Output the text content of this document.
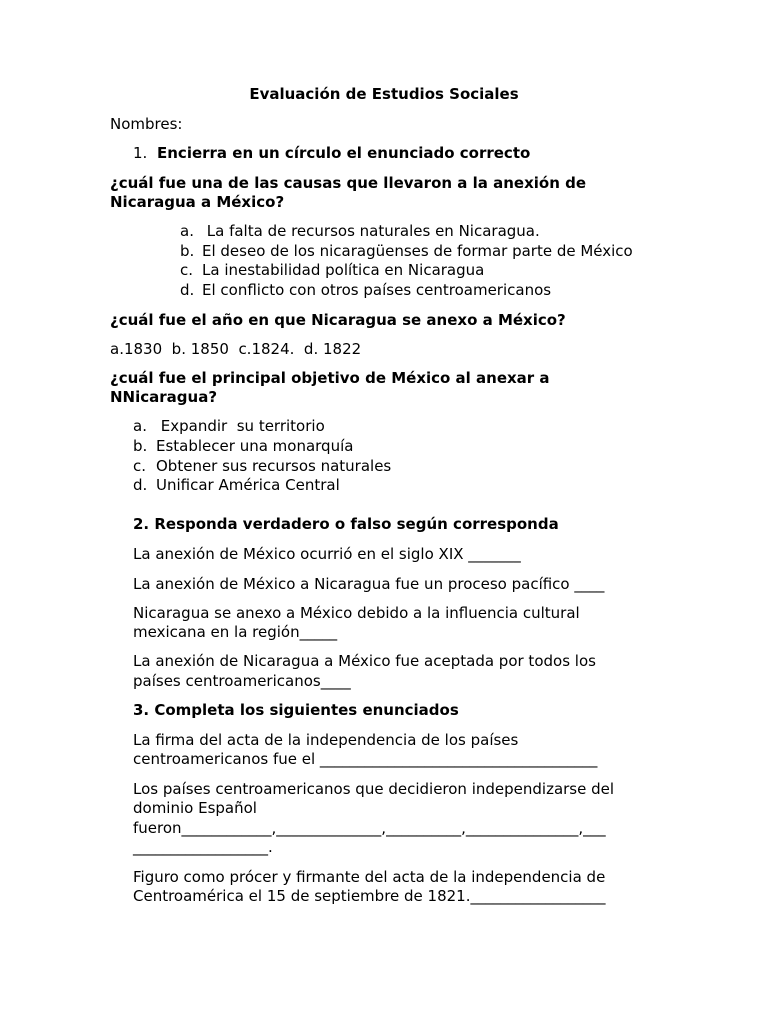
Evaluación de Estudios Sociales
Nombres:
1. Encierra en un círculo el enunciado correcto
¿cuál fue una de las causas que llevaron a la anexión de
Nicaragua a México?
a. La falta de recursos naturales en Nicaragua.
b. El deseo de los nicaragüenses de formar parte de México
c. La inestabilidad política en Nicaragua
d. El conflicto con otros países centroamericanos
¿cuál fue el año en que Nicaragua se anexo a México?
a.1830  b. 1850  c.1824.  d. 1822
¿cuál fue el principal objetivo de México al anexar a
NNicaragua?
a. Expandir  su territorio
b. Establecer una monarquía
c. Obtener sus recursos naturales
d. Unificar América Central
2. Responda verdadero o falso según corresponda
La anexión de México ocurrió en el siglo XIX _______
La anexión de México a Nicaragua fue un proceso pacífico ____
Nicaragua se anexo a México debido a la influencia cultural
mexicana en la región_____
La anexión de Nicaragua a México fue aceptada por todos los
países centroamericanos____
3. Completa los siguientes enunciados
La firma del acta de la independencia de los países
centroamericanos fue el _____________________________________
Los países centroamericanos que decidieron independizarse del
dominio Español
fueron____________,______________,__________,_______________,___
__________________.
Figuro como prócer y firmante del acta de la independencia de
Centroamérica el 15 de septiembre de 1821.__________________
